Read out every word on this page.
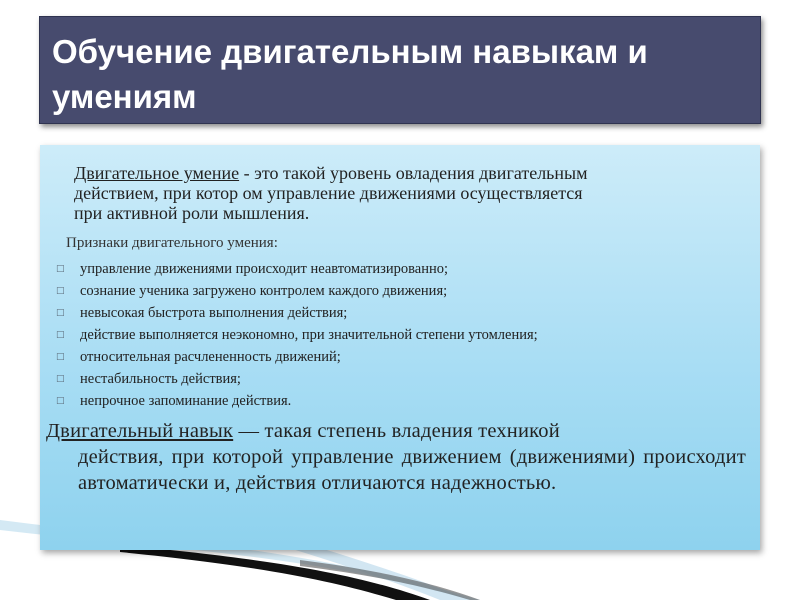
Обучение двигательным навыкам и умениям
Двигательное умение - это такой уровень овладения двигательным
действием, при котор ом управление движениями осуществляется
при активной роли мышления.
Признаки двигательного умения:
□ управление движениями происходит неавтоматизированно;
□ сознание ученика загружено контролем каждого движения;
□ невысокая быстрота выполнения действия;
□ действие выполняется неэкономно, при значительной степени утомления;
□ относительная расчлененность движений;
□ нестабильность действия;
□ непрочное запоминание действия.
Двигательный навык — такая степень владения техникой
действия, при которой управление движением (движениями) происходит автоматически и, действия отличаются надежностью.
